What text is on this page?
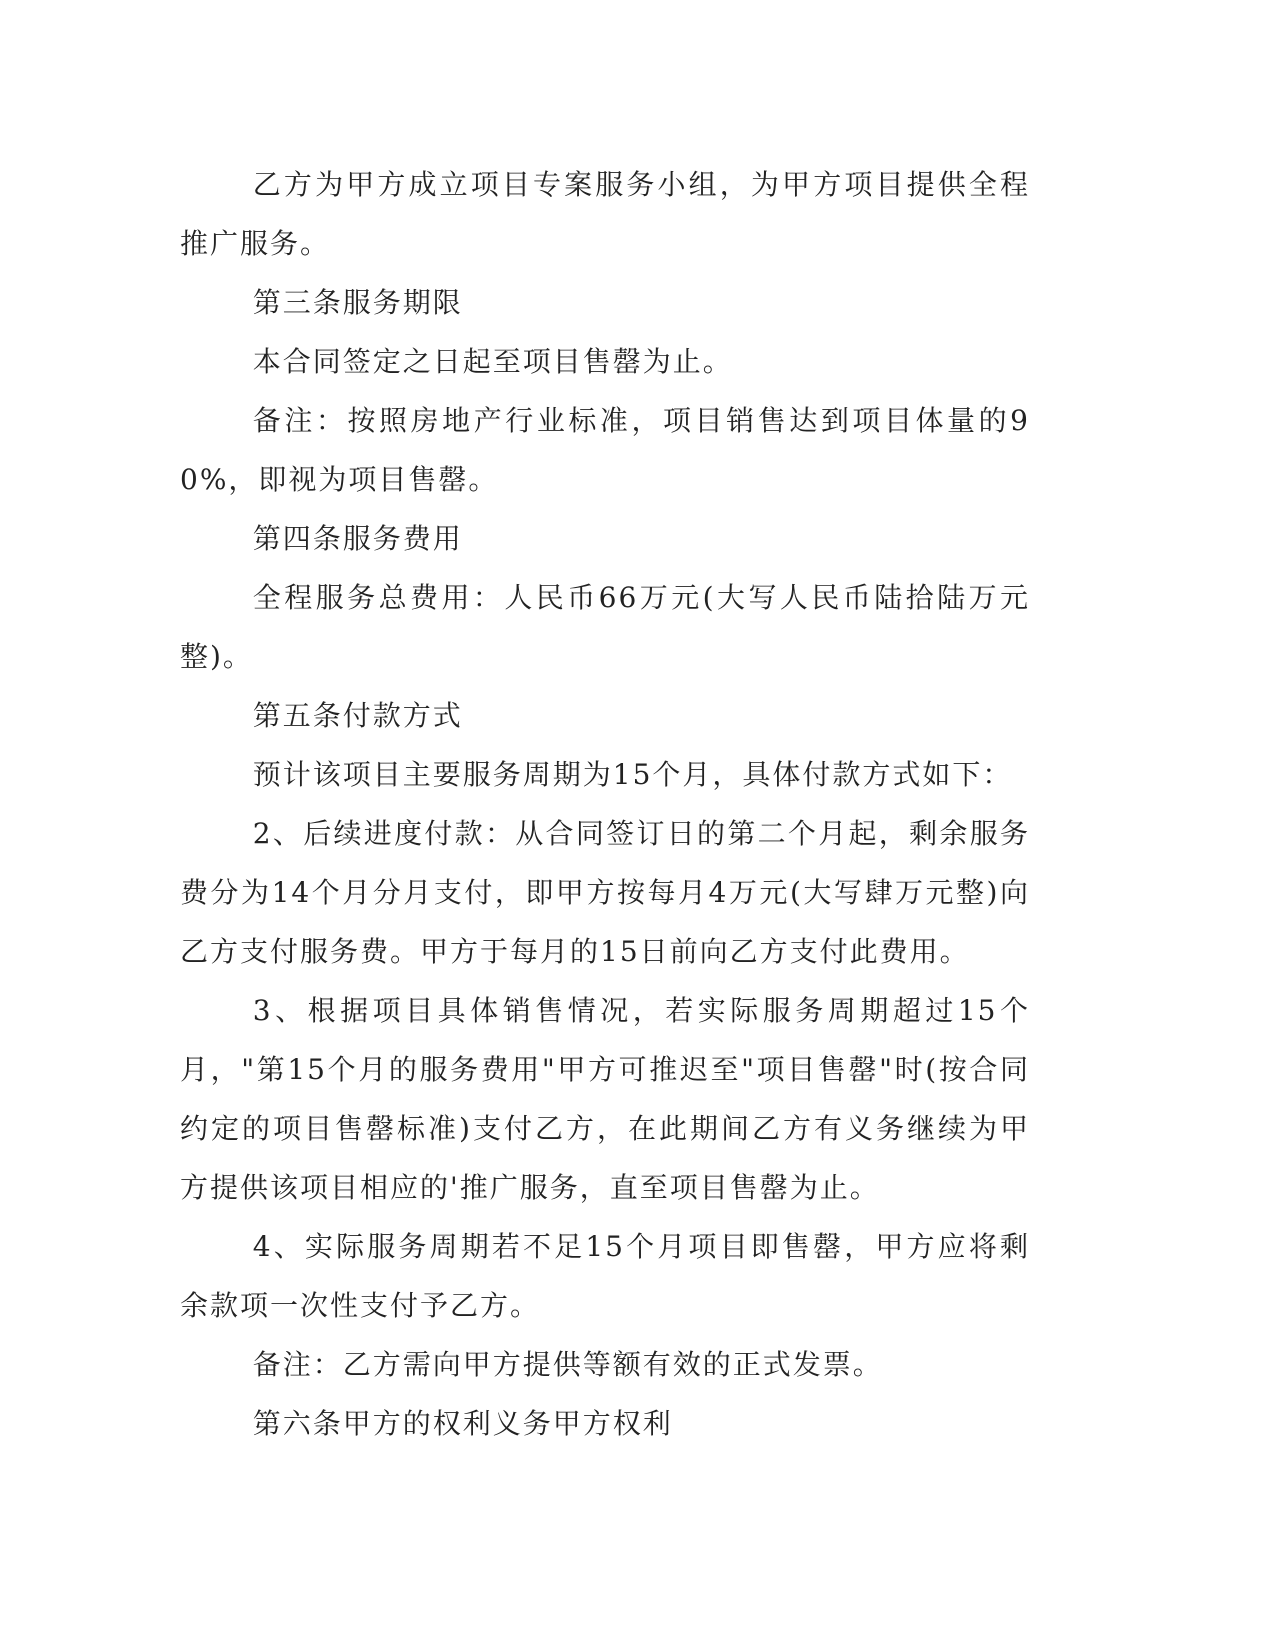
乙方为甲方成立项目专案服务小组，为甲方项目提供全程推广服务。

第三条服务期限

本合同签定之日起至项目售罄为止。

备注：按照房地产行业标准，项目销售达到项目体量的90%，即视为项目售罄。

第四条服务费用

全程服务总费用：人民币66万元(大写人民币陆拾陆万元整)。

第五条付款方式

预计该项目主要服务周期为15个月，具体付款方式如下：

2、后续进度付款：从合同签订日的第二个月起，剩余服务费分为14个月分月支付，即甲方按每月4万元(大写肆万元整)向乙方支付服务费。甲方于每月的15日前向乙方支付此费用。

3、根据项目具体销售情况，若实际服务周期超过15个月，"第15个月的服务费用"甲方可推迟至"项目售罄"时(按合同约定的项目售罄标准)支付乙方，在此期间乙方有义务继续为甲方提供该项目相应的'推广服务，直至项目售罄为止。

4、实际服务周期若不足15个月项目即售罄，甲方应将剩余款项一次性支付予乙方。

备注：乙方需向甲方提供等额有效的正式发票。

第六条甲方的权利义务甲方权利
